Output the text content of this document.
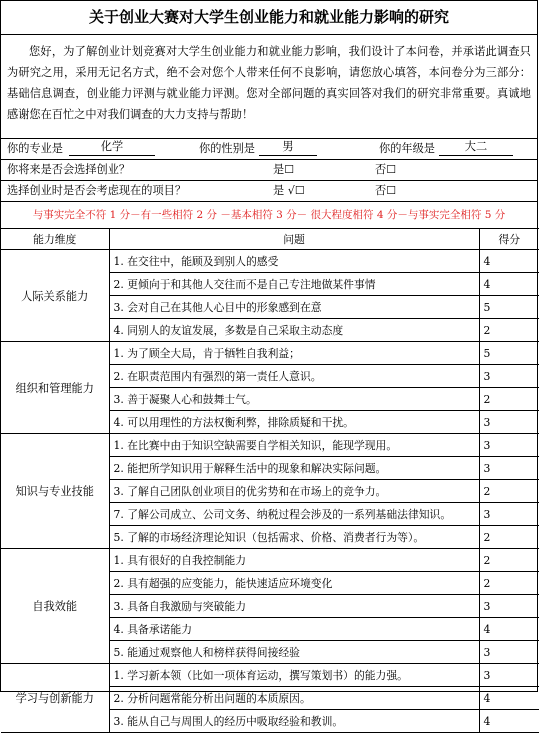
关于创业大赛对大学生创业能力和就业能力影响的研究
您好，为了解创业计划竞赛对大学生创业能力和就业能力影响，我们设计了本问卷，并承诺此调查只为研究之用，采用无记名方式，绝不会对您个人带来任何不良影响，请您放心填答，本问卷分为三部分：基础信息调查，创业能力评测与就业能力评测。您对全部问题的真实回答对我们的研究非常重要。真诚地感谢您在百忙之中对我们调查的大力支持与帮助！
你的专业是	化学	你的性别是	男	你的年级是	大二
你将来是否会选择创业？	是☐	否☐
选择创业时是否会考虑现在的项目？	是 √☐	否☐
与事实完全不符 1 分－有一些相符 2 分 －基本相符 3 分－ 很大程度相符 4 分－与事实完全相符 5 分
能力维度	问题	得分
人际关系能力	1. 在交往中，能顾及到别人的感受	4
	2. 更倾向于和其他人交往而不是自己专注地做某件事情	4
	3. 会对自己在其他人心目中的形象感到在意	5
	4. 同别人的友谊发展，多数是自己采取主动态度	2
组织和管理能力	1. 为了顾全大局，肯于牺牲自我利益；	5
	2. 在职责范围内有强烈的第一责任人意识。	3
	3. 善于凝聚人心和鼓舞士气。	2
	4. 可以用理性的方法权衡利弊，排除质疑和干扰。	3
知识与专业技能	1. 在比赛中由于知识空缺需要自学相关知识，能现学现用。	3
	2. 能把所学知识用于解释生活中的现象和解决实际问题。	3
	3. 了解自己团队创业项目的优劣势和在市场上的竞争力。	2
	7. 了解公司成立、公司文务、纳税过程会涉及的一系列基础法律知识。	3
	5. 了解的市场经济理论知识（包括需求、价格、消费者行为等）。	2
自我效能	1. 具有很好的自我控制能力	2
	2. 具有超强的应变能力，能快速适应环境变化	2
	3. 具备自我激励与突破能力	3
	4. 具备承诺能力	4
	5. 能通过观察他人和榜样获得间接经验	3
学习与创新能力	1. 学习新本领（比如一项体育运动，撰写策划书）的能力强。	3
	2. 分析问题常能分析出问题的本质原因。	4
	3. 能从自己与周围人的经历中吸取经验和教训。	4
